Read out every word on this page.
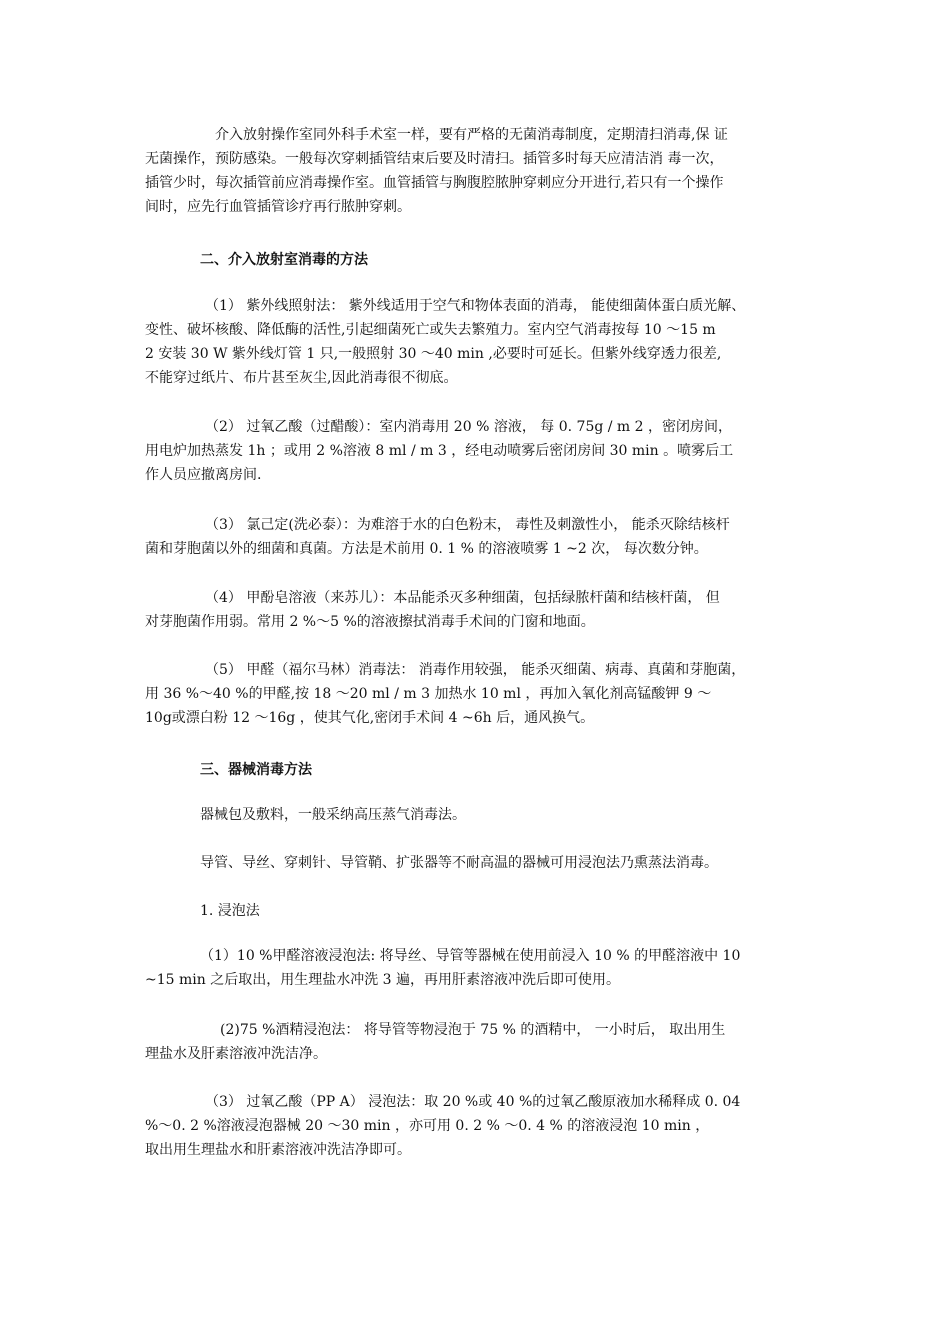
介入放射操作室同外科手术室一样，要有严格的无菌消毒制度，定期清扫消毒,保 证
无菌操作，预防感染。一般每次穿刺插管结束后要及时清扫。插管多时每天应清洁消 毒一次，
插管少时，每次插管前应消毒操作室。血管插管与胸腹腔脓肿穿刺应分开进行,若只有一个操作
间时，应先行血管插管诊疗再行脓肿穿刺。
二、介入放射室消毒的方法
（1） 紫外线照射法： 紫外线适用于空气和物体表面的消毒， 能使细菌体蛋白质光解、
变性、破坏核酸、降低酶的活性,引起细菌死亡或失去繁殖力。室内空气消毒按每 10 ～15 m
2 安装 30 W 紫外线灯管 1 只,一般照射 30 ～40 min ,必要时可延长。但紫外线穿透力很差,
不能穿过纸片、布片甚至灰尘,因此消毒很不彻底。
（2） 过氧乙酸（过醋酸）：室内消毒用 20 % 溶液， 每 0. 75g / m 2 ，密闭房间，
用电炉加热蒸发 1h ；或用 2 %溶液 8 ml / m 3 ，经电动喷雾后密闭房间 30 min 。喷雾后工
作人员应撤离房间.
（3） 氯己定(洗必泰）：为难溶于水的白色粉末， 毒性及刺激性小， 能杀灭除结核杆
菌和芽胞菌以外的细菌和真菌。方法是术前用 0. 1 % 的溶液喷雾 1 ~2 次， 每次数分钟。
（4） 甲酚皂溶液（来苏儿）：本品能杀灭多种细菌，包括绿脓杆菌和结核杆菌， 但
对芽胞菌作用弱。常用 2 %～5 %的溶液擦拭消毒手术间的门窗和地面。
（5） 甲醛（福尔马林）消毒法： 消毒作用较强， 能杀灭细菌、病毒、真菌和芽胞菌，
用 36 %～40 %的甲醛,按 18 ～20 ml / m 3 加热水 10 ml ，再加入氧化剂高锰酸钾 9 ～
10g或漂白粉 12 ～16g ，使其气化,密闭手术间 4 ~6h 后，通风换气。
三、器械消毒方法
器械包及敷料，一般采纳高压蒸气消毒法。
导管、导丝、穿刺针、导管鞘、扩张器等不耐高温的器械可用浸泡法乃熏蒸法消毒。
1. 浸泡法
（1）10 %甲醛溶液浸泡法: 将导丝、导管等器械在使用前浸入 10 % 的甲醛溶液中 10
~15 min 之后取出，用生理盐水冲洗 3 遍，再用肝素溶液冲洗后即可使用。
(2)75 %酒精浸泡法： 将导管等物浸泡于 75 % 的酒精中， 一小时后， 取出用生
理盐水及肝素溶液冲洗洁净。
（3） 过氧乙酸（PP A） 浸泡法：取 20 %或 40 %的过氧乙酸原液加水稀释成 0. 04
%～0. 2 %溶液浸泡器械 20 ～30 min ，亦可用 0. 2 % ～0. 4 % 的溶液浸泡 10 min ，
取出用生理盐水和肝素溶液冲洗洁净即可。
